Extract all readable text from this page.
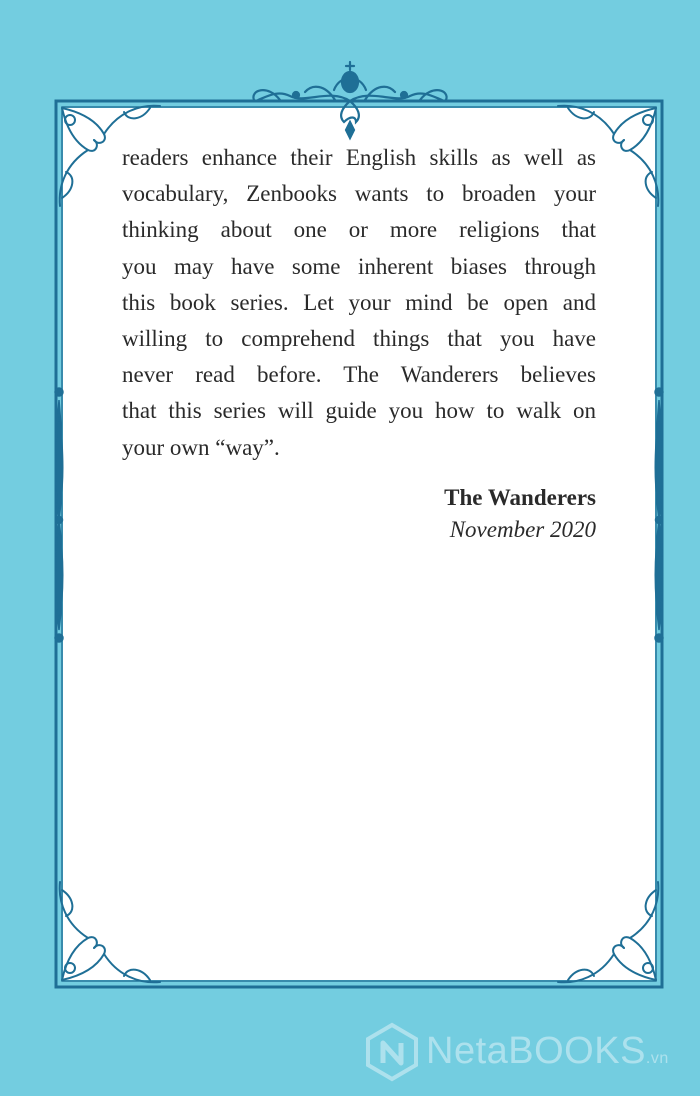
readers enhance their English skills as well as
vocabulary, Zenbooks wants to broaden your
thinking about one or more religions that
you may have some inherent biases through
this book series. Let your mind be open and
willing to comprehend things that you have
never read before. The Wanderers believes
that this series will guide you how to walk on
your own “way”.
The Wanderers
November 2020
NetaBOOKS.vn
